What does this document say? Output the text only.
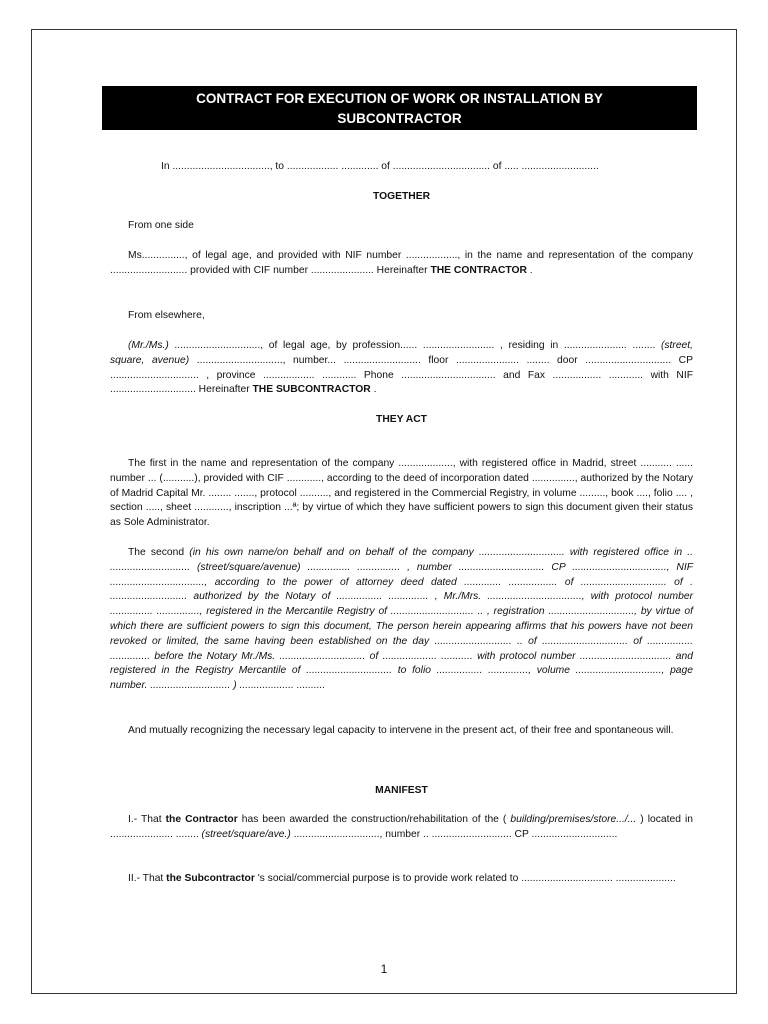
CONTRACT FOR EXECUTION OF WORK OR INSTALLATION BY
SUBCONTRACTOR
In .................................., to .................. ............. of .................................. of ..... ...........................
TOGETHER
From one side
Ms..............., of legal age, and provided with NIF number .................., in the name and representation of the company ........................... provided with CIF number ...................... Hereinafter THE CONTRACTOR .
From elsewhere,
(Mr./Ms.) .............................., of legal age, by profession...... ......................... , residing in ...................... ........ (street, square, avenue) .............................., number... ........................... floor ...................... ........ door .............................. CP ............................... , province .................. ............ Phone ................................. and Fax ................. ............ with NIF .............................. Hereinafter THE SUBCONTRACTOR .
THEY ACT
The first in the name and representation of the company ..................., with registered office in Madrid, street ........... ...... number ... (...........), provided with CIF ............, according to the deed of incorporation dated ..............., authorized by the Notary of Madrid Capital Mr. ........ ......., protocol .........., and registered in the Commercial Registry, in volume ........., book ...., folio .... , section ....., sheet ............, inscription ...ª; by virtue of which they have sufficient powers to sign this document given their status as Sole Administrator.
The second (in his own name/on behalf and on behalf of the company .............................. with registered office in .. ............................ (street/square/avenue) ............... ............... , number .............................. CP ................................., NIF ................................., according to the power of attorney deed dated ............. ................. of .............................. of . ........................... authorized by the Notary of ................ .............. , Mr./Mrs. ................................., with protocol number ............... ..............., registered in the Mercantile Registry of ............................. .. , registration .............................., by virtue of which there are sufficient powers to sign this document, The person herein appearing affirms that his powers have not been revoked or limited, the same having been established on the day ........................... .. of .............................. of ................ .............. before the Notary Mr./Ms. .............................. of ................... ........... with protocol number ................................ and registered in the Registry Mercantile of .............................. to folio ................ .............., volume .............................., page number. ............................ ) ................... ..........
And mutually recognizing the necessary legal capacity to intervene in the present act, of their free and spontaneous will.
MANIFEST
I.- That the Contractor has been awarded the construction/rehabilitation of the ( building/premises/store.../... ) located in ...................... ........ (street/square/ave.) .............................., number .. ............................ CP ..............................
II.- That the Subcontractor 's social/commercial purpose is to provide work related to ................................ .....................
1
